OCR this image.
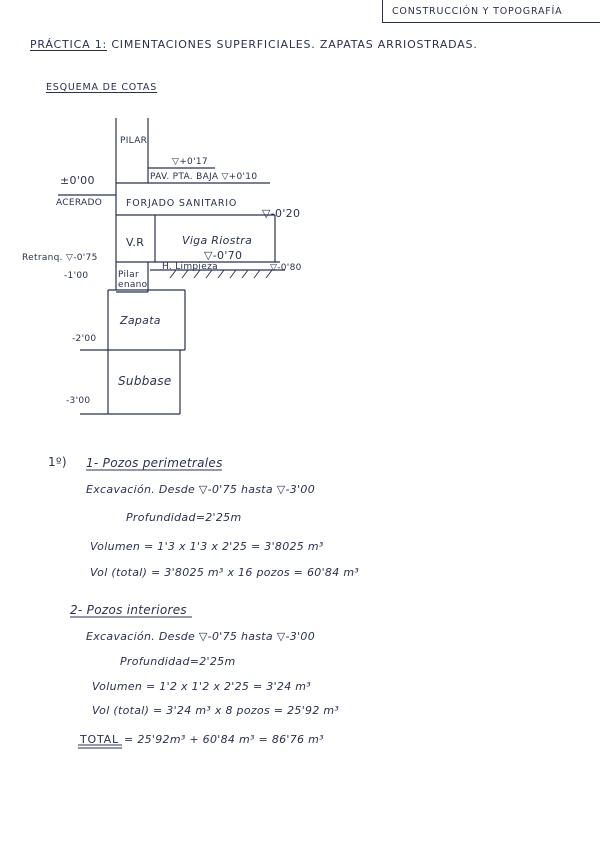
CONSTRUCCIÓN Y TOPOGRAFÍA
PRÁCTICA 1: CIMENTACIONES SUPERFICIALES. ZAPATAS ARRIOSTRADAS.
ESQUEMA DE COTAS
PILAR
▽+0'17
PAV. PTA. BAJA ▽+0'10
±0'00
ACERADO	FORJADO SANITARIO
▽-0'20
V.R	Viga Riostra
▽-0'70
Retranq. ▽-0'75
H. Limpieza	▽-0'80
-1'00	Pilar
enano
Zapata
-2'00
Subbase
-3'00
1º) 1- Pozos perimetrales
Excavación. Desde ▽-0'75 hasta ▽-3'00
Profundidad=2'25m
Volumen = 1'3 x 1'3 x 2'25 = 3'8025 m³
Vol (total) = 3'8025 m³ x 16 pozos = 60'84 m³
2- Pozos interiores
Excavación. Desde ▽-0'75 hasta ▽-3'00
Profundidad=2'25m
Volumen = 1'2 x 1'2 x 2'25 = 3'24 m³
Vol (total) = 3'24 m³ x 8 pozos = 25'92 m³
TOTAL = 25'92m³ + 60'84 m³ = 86'76 m³
